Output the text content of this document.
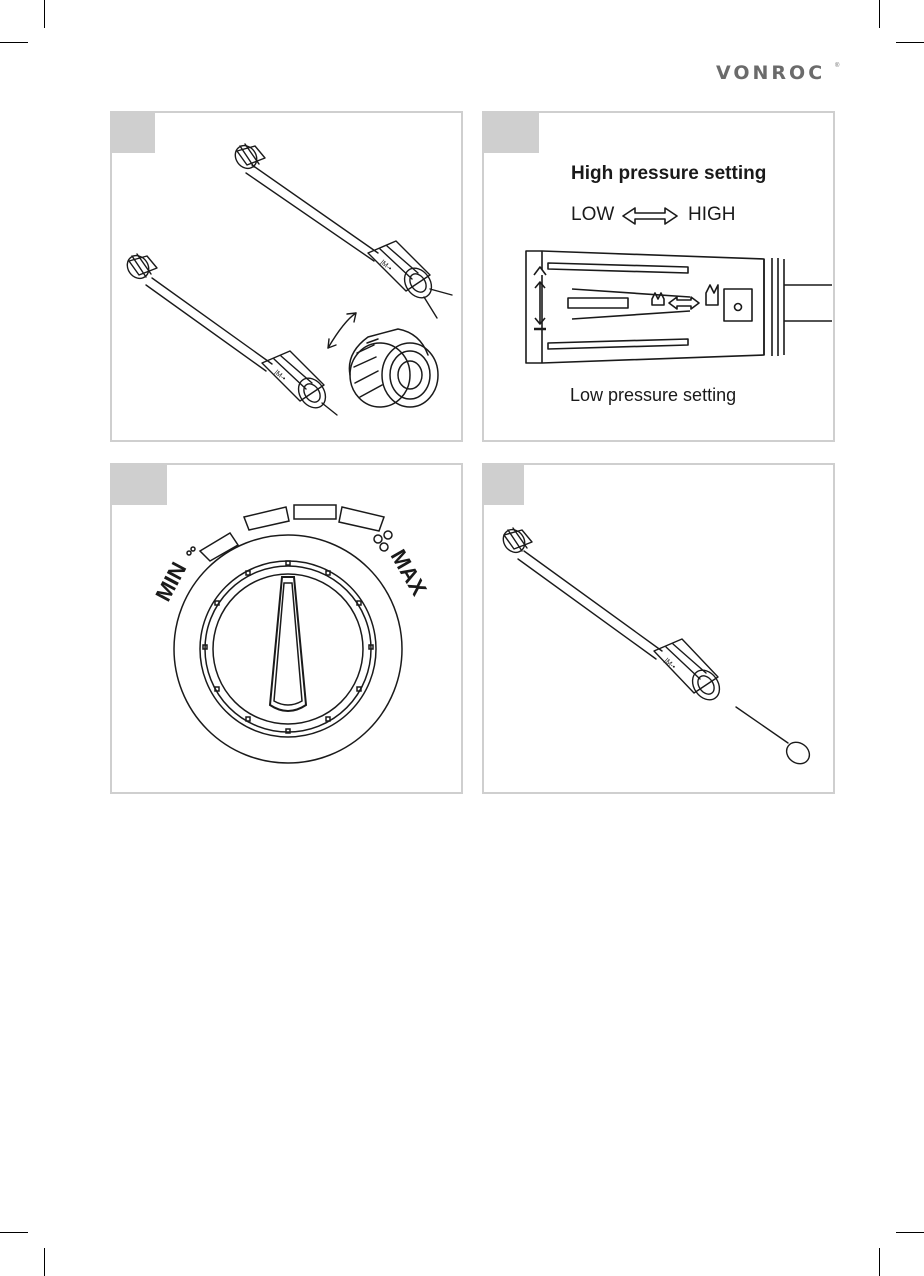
VONROC ®
|M-•
|M-•
High pressure setting
LOW	HIGH
Low pressure setting
MIN	MAX
|M-•
